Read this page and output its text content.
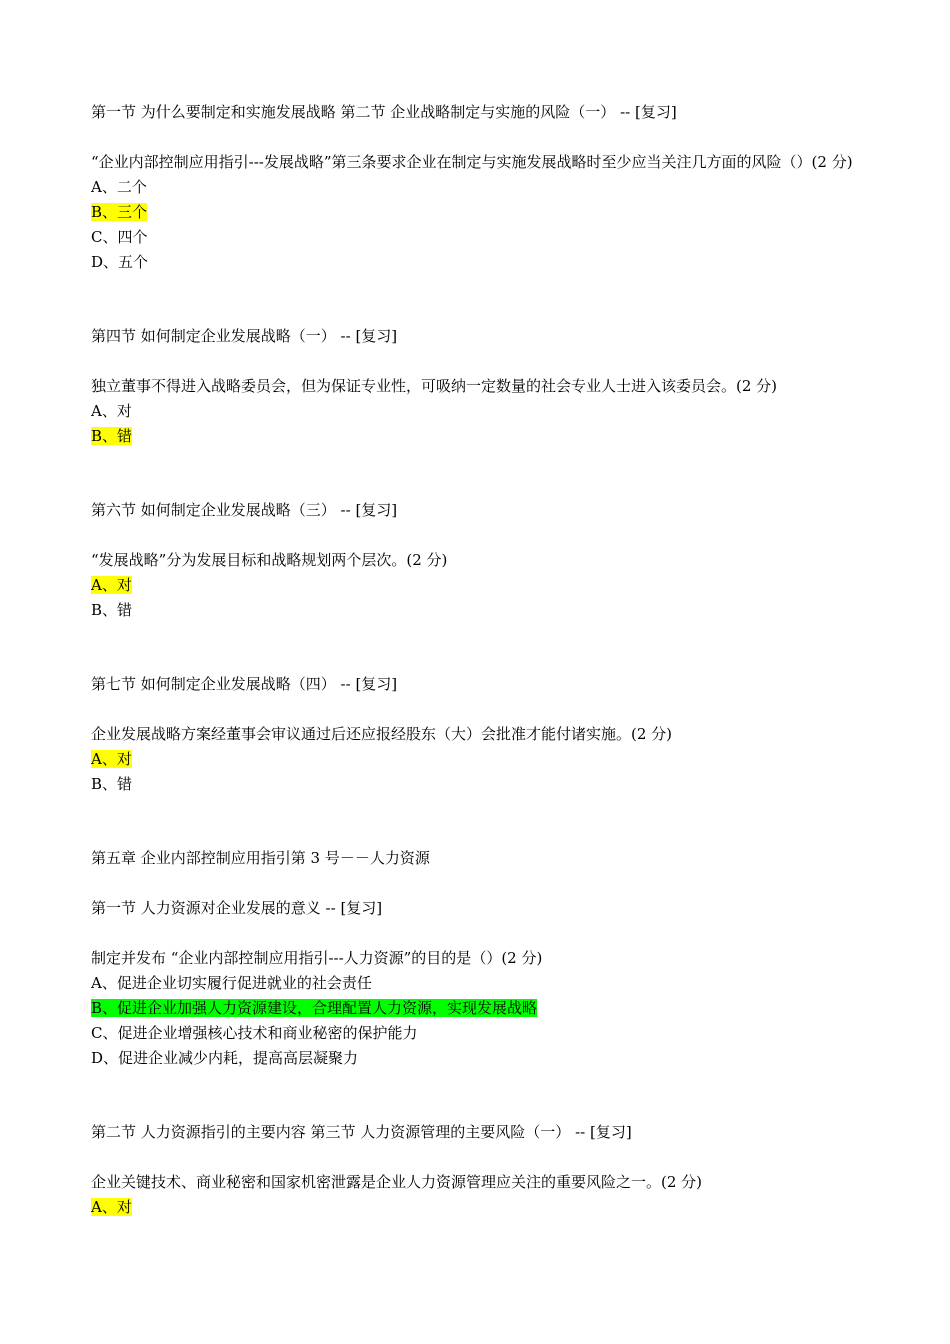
第一节 为什么要制定和实施发展战略 第二节 企业战略制定与实施的风险（一） -- [复习]
“企业内部控制应用指引---发展战略”第三条要求企业在制定与实施发展战略时至少应当关注几方面的风险（）(2 分)
A、二个
B、三个
C、四个
D、五个
第四节 如何制定企业发展战略（一） -- [复习]
独立董事不得进入战略委员会，但为保证专业性，可吸纳一定数量的社会专业人士进入该委员会。(2 分)
A、对
B、错
第六节 如何制定企业发展战略（三） -- [复习]
“发展战略”分为发展目标和战略规划两个层次。(2 分)
A、对
B、错
第七节 如何制定企业发展战略（四） -- [复习]
企业发展战略方案经董事会审议通过后还应报经股东（大）会批准才能付诸实施。(2 分)
A、对
B、错
第五章 企业内部控制应用指引第 3 号－－人力资源
第一节 人力资源对企业发展的意义 -- [复习]
制定并发布 “企业内部控制应用指引---人力资源”的目的是（）(2 分)
A、促进企业切实履行促进就业的社会责任
B、促进企业加强人力资源建设，合理配置人力资源，实现发展战略
C、促进企业增强核心技术和商业秘密的保护能力
D、促进企业减少内耗，提高高层凝聚力
第二节 人力资源指引的主要内容 第三节 人力资源管理的主要风险（一） -- [复习]
企业关键技术、商业秘密和国家机密泄露是企业人力资源管理应关注的重要风险之一。(2 分)
A、对
